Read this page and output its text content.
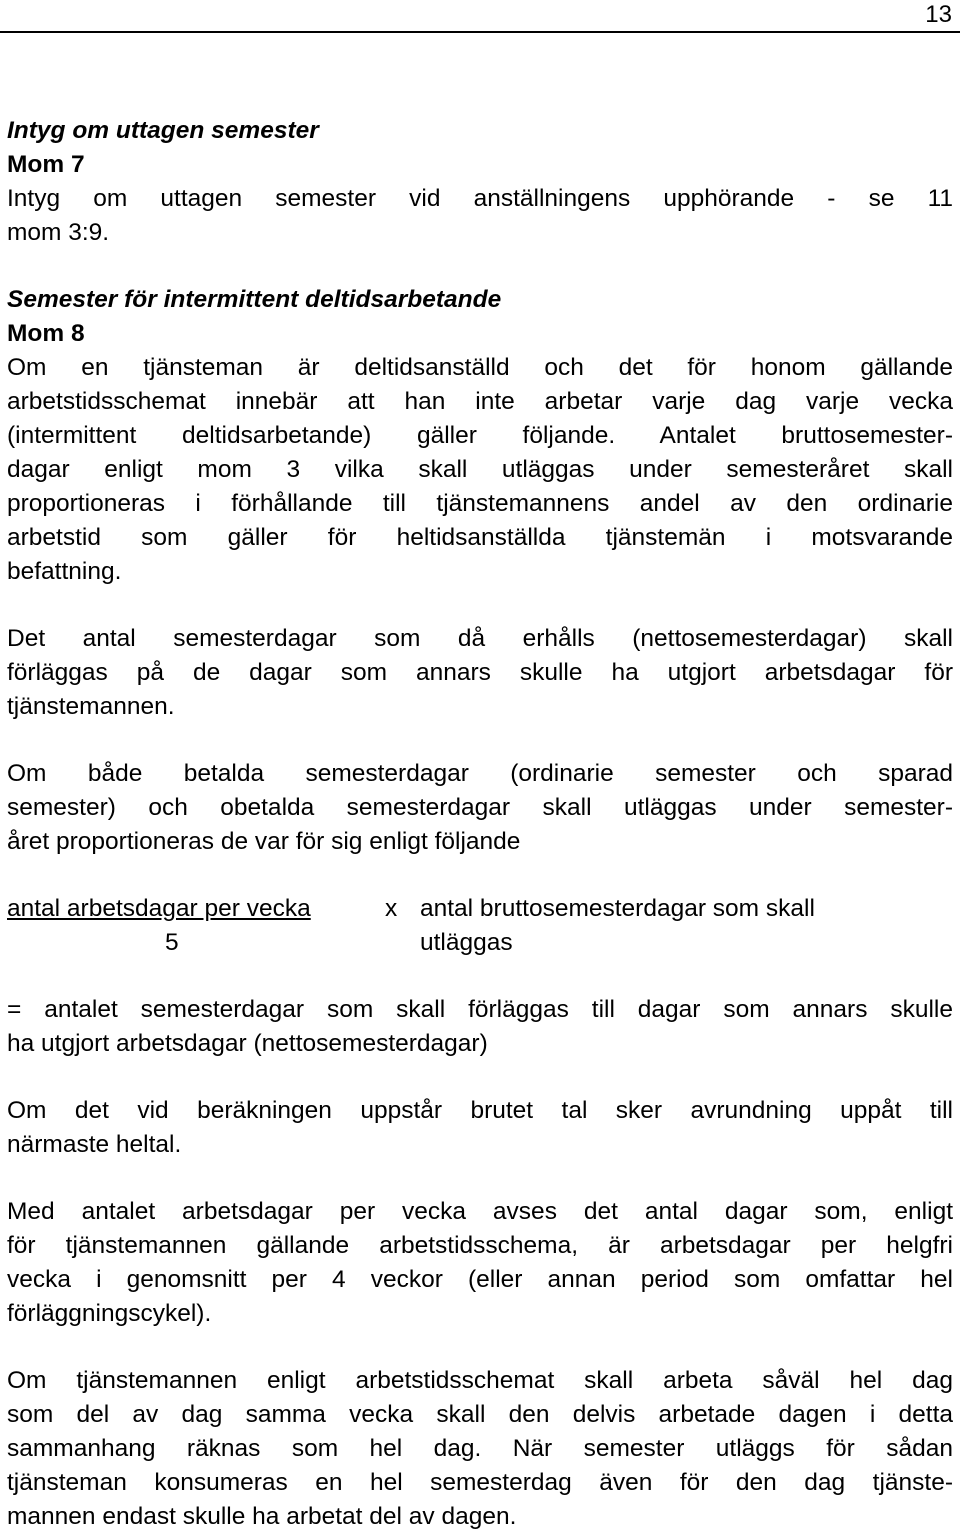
13
Intyg om uttagen semester
Mom 7
Intyg om uttagen semester vid anställningens upphörande - se 11
mom 3:9.
Semester för intermittent deltidsarbetande
Mom 8
Om en tjänsteman är deltidsanställd och det för honom gällande
arbetstidsschemat innebär att han inte arbetar varje dag varje vecka
(intermittent deltidsarbetande) gäller följande. Antalet bruttosemester-
dagar enligt mom 3 vilka skall utläggas under semesteråret skall
proportioneras i förhållande till tjänstemannens andel av den ordinarie
arbetstid som gäller för heltidsanställda tjänstemän i motsvarande
befattning.
Det antal semesterdagar som då erhålls (nettosemesterdagar) skall
förläggas på de dagar som annars skulle ha utgjort arbetsdagar för
tjänstemannen.
Om både betalda semesterdagar (ordinarie semester och sparad
semester) och obetalda semesterdagar skall utläggas under semester-
året proportioneras de var för sig enligt följande
antal arbetsdagar per vecka	x antal bruttosemesterdagar som skall
5	utläggas
= antalet semesterdagar som skall förläggas till dagar som annars skulle
ha utgjort arbetsdagar (nettosemesterdagar)
Om det vid beräkningen uppstår brutet tal sker avrundning uppåt till
närmaste heltal.
Med antalet arbetsdagar per vecka avses det antal dagar som, enligt
för tjänstemannen gällande arbetstidsschema, är arbetsdagar per helgfri
vecka i genomsnitt per 4 veckor (eller annan period som omfattar hel
förläggningscykel).
Om tjänstemannen enligt arbetstidsschemat skall arbeta såväl hel dag
som del av dag samma vecka skall den delvis arbetade dagen i detta
sammanhang räknas som hel dag. När semester utläggs för sådan
tjänsteman konsumeras en hel semesterdag även för den dag tjänste-
mannen endast skulle ha arbetat del av dagen.
